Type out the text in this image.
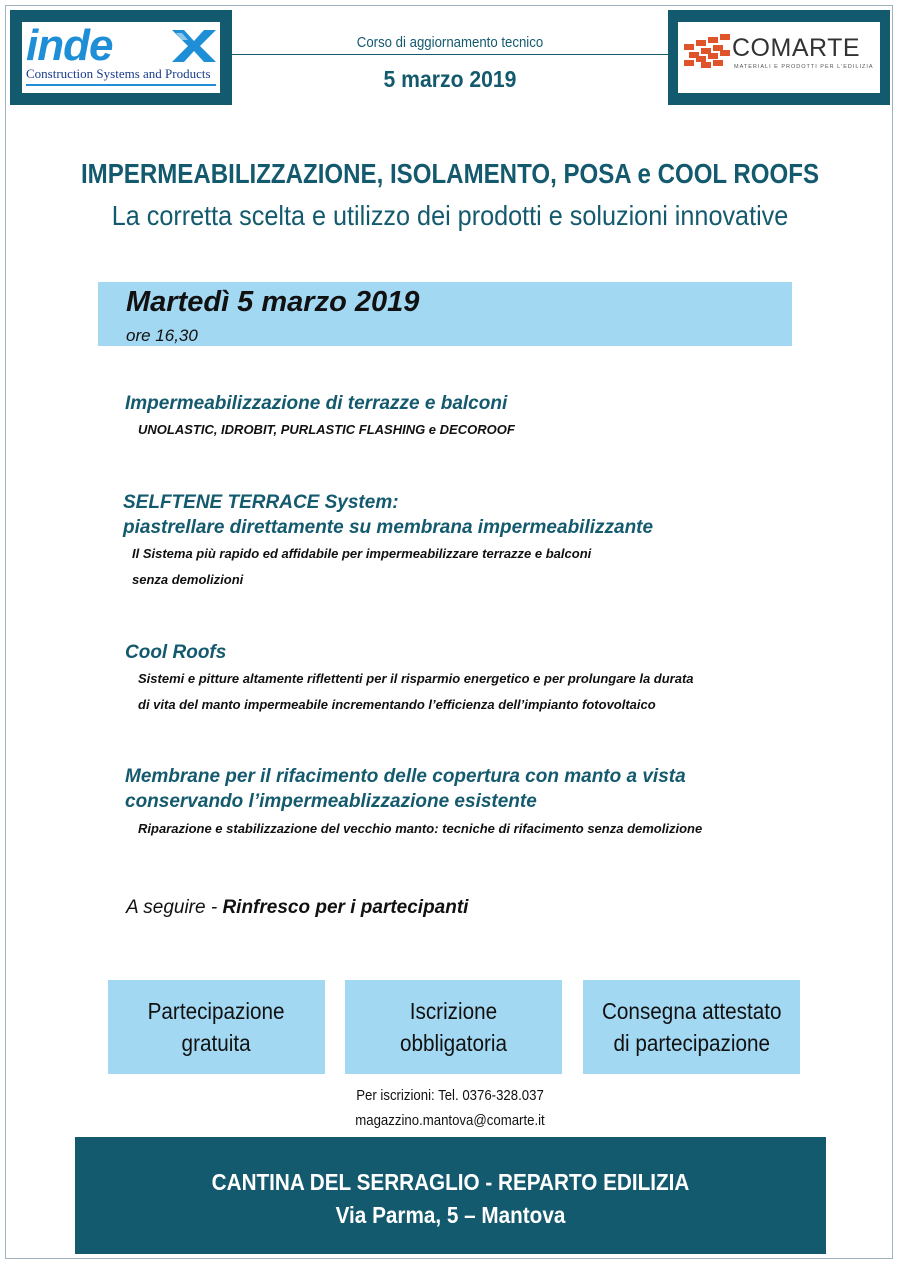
inde
Construction Systems and Products
Corso di aggiornamento tecnico
5 marzo 2019
COMARTE
MATERIALI E PRODOTTI PER L'EDILIZIA
IMPERMEABILIZZAZIONE, ISOLAMENTO, POSA e COOL ROOFS
La corretta scelta e utilizzo dei prodotti e soluzioni innovative
Martedì 5 marzo 2019
ore 16,30
Impermeabilizzazione di terrazze e balconi
UNOLASTIC, IDROBIT, PURLASTIC FLASHING e DECOROOF
SELFTENE TERRACE System:
piastrellare direttamente su membrana impermeabilizzante
Il Sistema più rapido ed affidabile per impermeabilizzare terrazze e balconi
senza demolizioni
Cool Roofs
Sistemi e pitture altamente riflettenti per il risparmio energetico e per prolungare la durata
di vita del manto impermeabile incrementando l’efficienza dell’impianto fotovoltaico
Membrane per il rifacimento delle copertura con manto a vista
conservando l’impermeablizzazione esistente
Riparazione e stabilizzazione del vecchio manto: tecniche di rifacimento senza demolizione
A seguire - Rinfresco per i partecipanti
Partecipazione
gratuita
Iscrizione
obbligatoria
Consegna attestato
di partecipazione
Per iscrizioni: Tel. 0376-328.037
magazzino.mantova@comarte.it
CANTINA DEL SERRAGLIO - REPARTO EDILIZIA
Via Parma, 5 – Mantova
